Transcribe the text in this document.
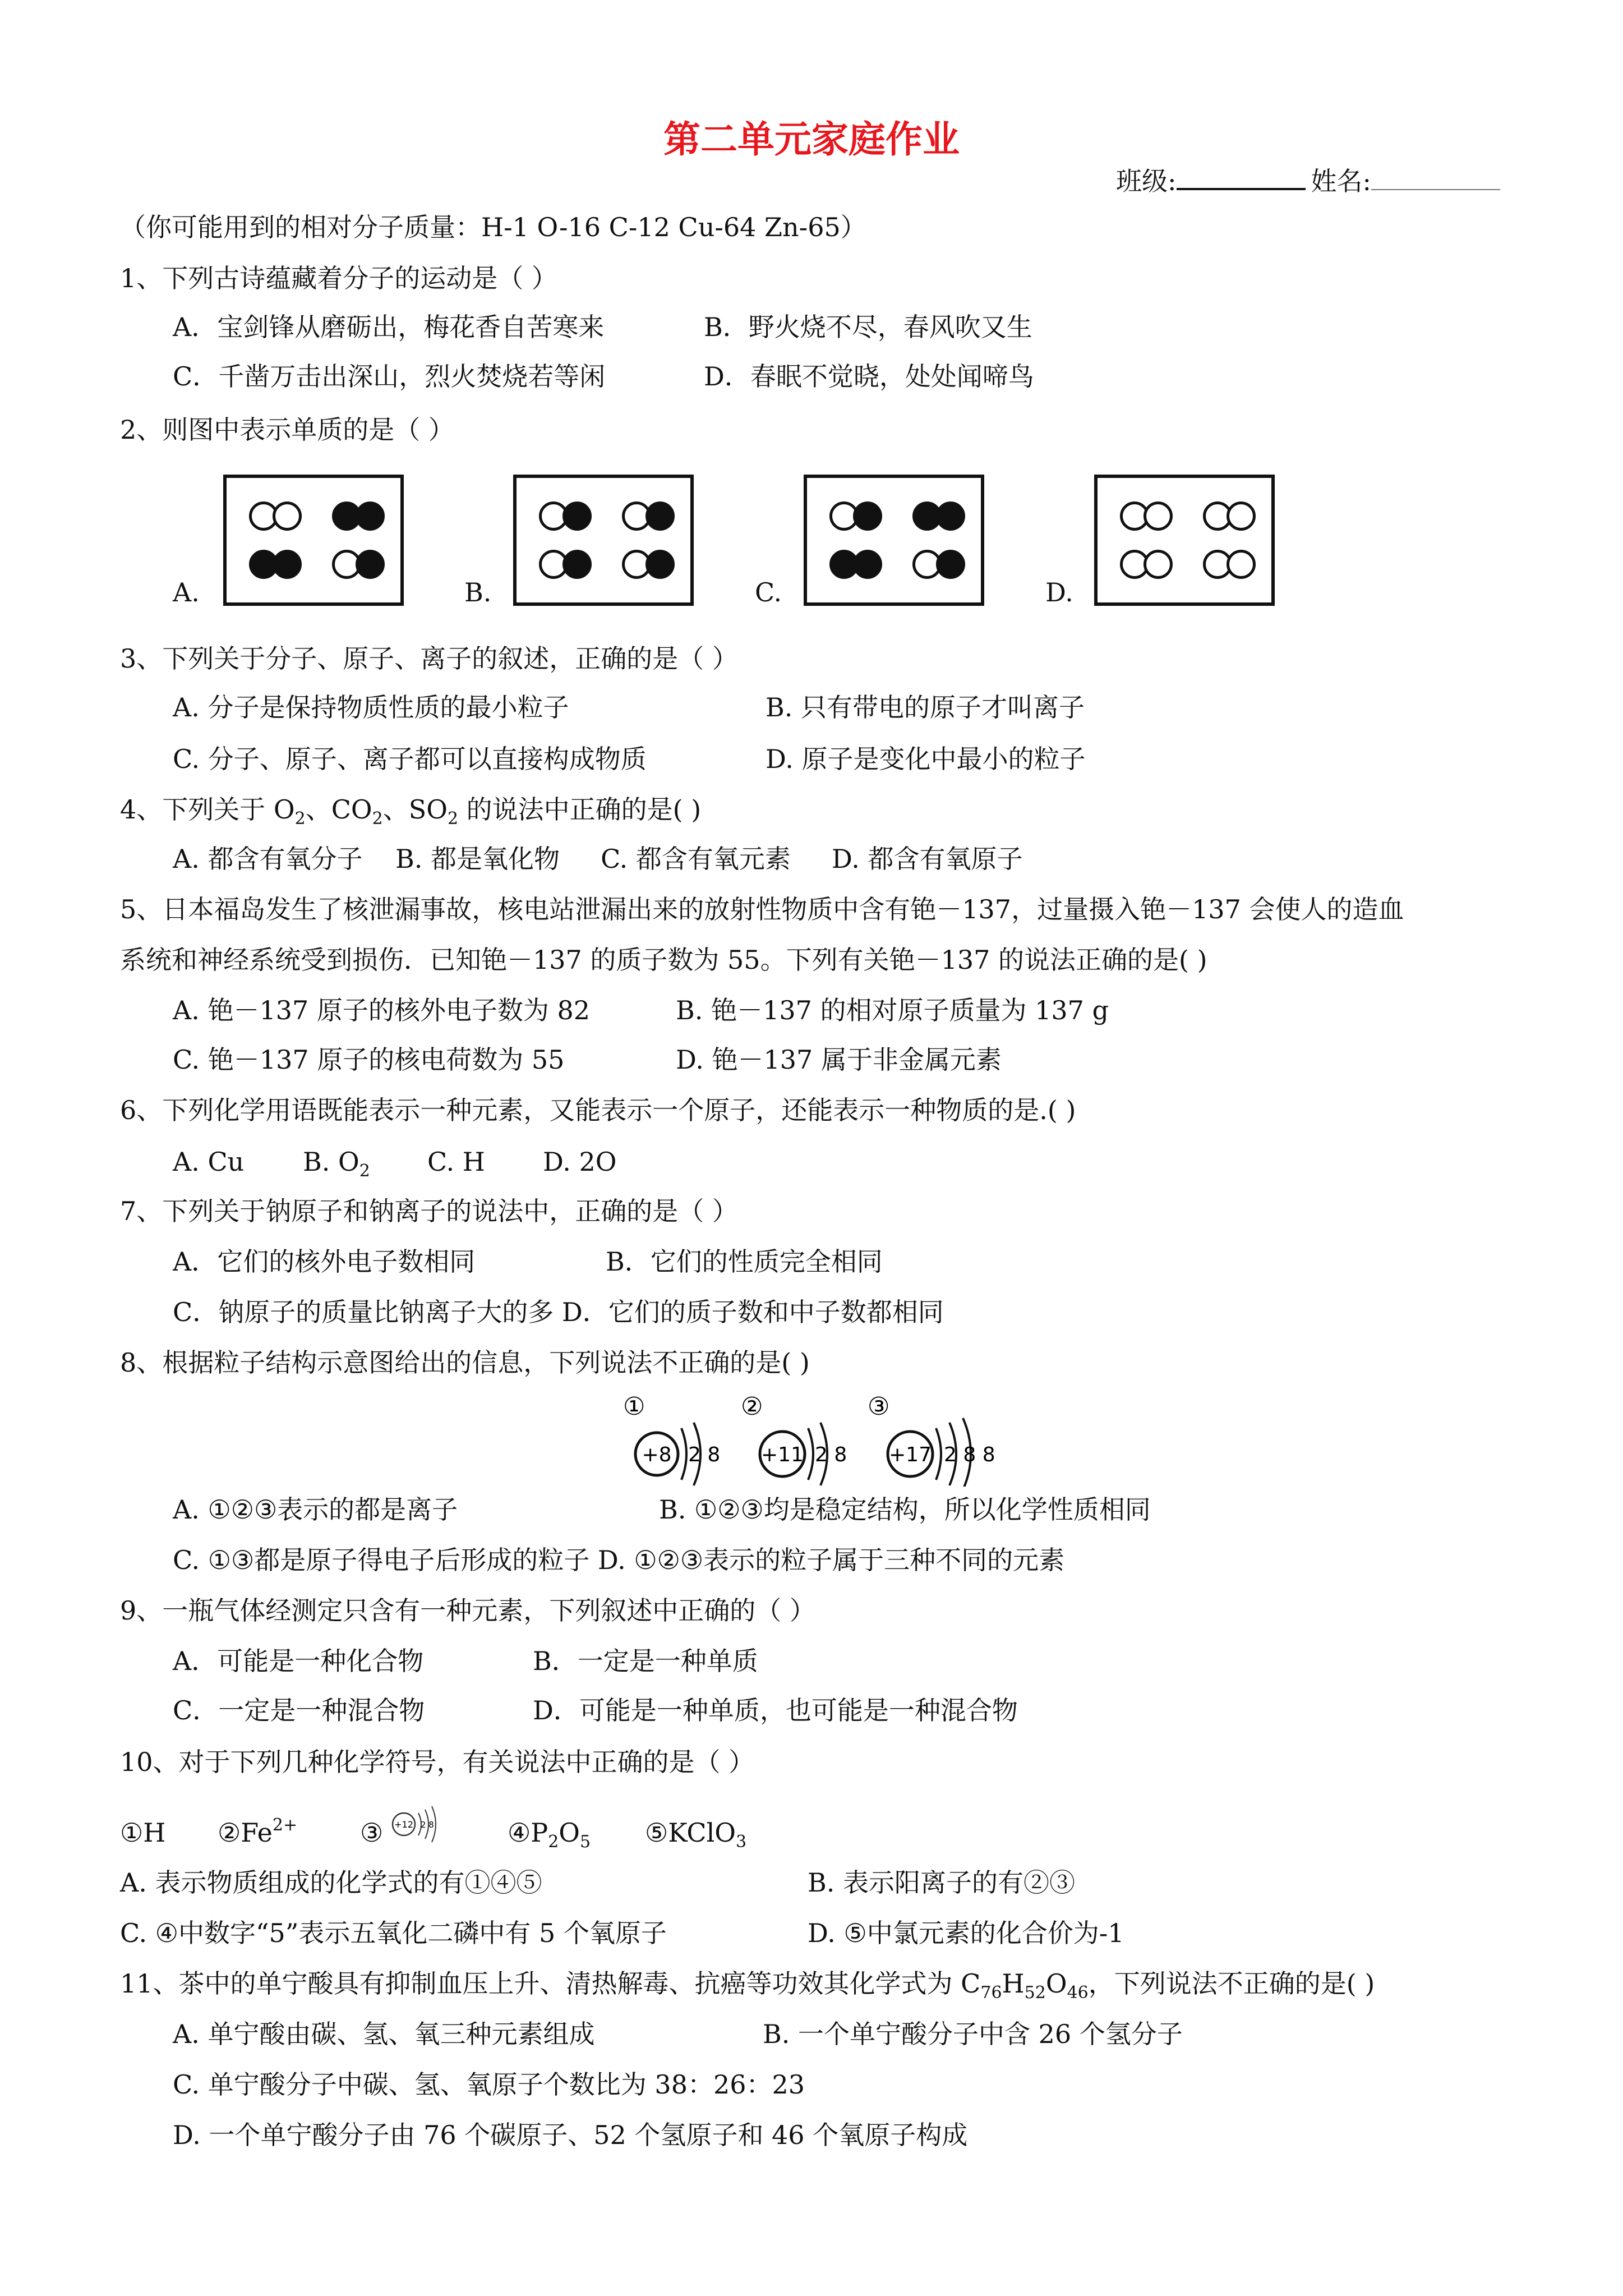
第二单元家庭作业
班级:	姓名:
（你可能用到的相对分子质量：H-1 O-16 C-12 Cu-64 Zn-65）
1、下列古诗蕴藏着分子的运动是（ ）
A．宝剑锋从磨砺出，梅花香自苦寒来	B．野火烧不尽，春风吹又生
C．千凿万击出深山，烈火焚烧若等闲	D．春眠不觉晓，处处闻啼鸟
2、则图中表示单质的是（ ）
A.	B.	C.	D.
3、下列关于分子、原子、离子的叙述，正确的是（ ）
A. 分子是保持物质性质的最小粒子	B. 只有带电的原子才叫离子
C. 分子、原子、离子都可以直接构成物质	D. 原子是变化中最小的粒子
4、下列关于 $O_2$、$CO_2$、$SO_2$ 的说法中正确的是( )
A. 都含有氧分子    B. 都是氧化物     C. 都含有氧元素     D. 都含有氧原子
5、日本福岛发生了核泄漏事故，核电站泄漏出来的放射性物质中含有铯－137，过量摄入铯－137 会使人的造血
系统和神经系统受到损伤．已知铯－137 的质子数为 55。下列有关铯－137 的说法正确的是( )
A. 铯－137 原子的核外电子数为 82	B. 铯－137 的相对原子质量为 137 g
C. 铯－137 原子的核电荷数为 55	D. 铯－137 属于非金属元素
6、下列化学用语既能表示一种元素，又能表示一个原子，还能表示一种物质的是.( )
A. Cu B. $O_2$ C. H D. 2O
7、下列关于钠原子和钠离子的说法中，正确的是（ ）
A．它们的核外电子数相同	B．它们的性质完全相同
C．钠原子的质量比钠离子大的多 D．它们的质子数和中子数都相同
8、根据粒子结构示意图给出的信息，下列说法不正确的是( )
①
+8 2 8
②
+11 2 8
③
+17 2 8 8
A. ①②③表示的都是离子	B. ①②③均是稳定结构，所以化学性质相同
C. ①③都是原子得电子后形成的粒子 D. ①②③表示的粒子属于三种不同的元素
9、一瓶气体经测定只含有一种元素，下列叙述中正确的（ ）
A．可能是一种化合物	B．一定是一种单质
C．一定是一种混合物	D．可能是一种单质，也可能是一种混合物
10、对于下列几种化学符号，有关说法中正确的是（ ）
①H $②Fe^{2+}$ ③ +12 2 8	$④P_2O_5$ ⑤KClO$_3$
A. 表示物质组成的化学式的有①④⑤	B. 表示阳离子的有②③
C. ④中数字“5”表示五氧化二磷中有 5 个氧原子	D. ⑤中氯元素的化合价为-1
11、茶中的单宁酸具有抑制血压上升、清热解毒、抗癌等功效其化学式为 $C_{76}H_{52}O_{46}$，下列说法不正确的是( )
A. 单宁酸由碳、氢、氧三种元素组成	B. 一个单宁酸分子中含 26 个氢分子
C. 单宁酸分子中碳、氢、氧原子个数比为 38：26：23
D. 一个单宁酸分子由 76 个碳原子、52 个氢原子和 46 个氧原子构成
